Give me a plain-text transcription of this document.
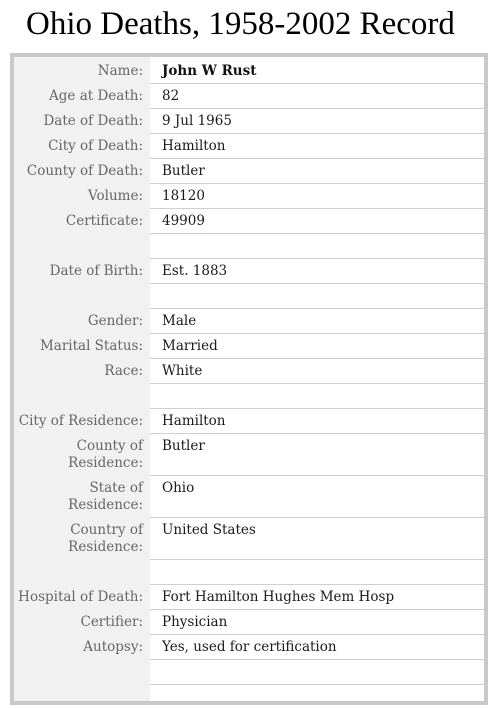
Ohio Deaths, 1958-2002 Record
Name: John W Rust
Age at Death: 82
Date of Death: 9 Jul 1965
City of Death: Hamilton
County of Death: Butler
Volume: 18120
Certificate: 49909
Date of Birth: Est. 1883
Gender: Male
Marital Status: Married
Race: White
City of Residence: Hamilton
County of Residence:
Butler
State of Residence:
Ohio
Country of Residence:
United States
Hospital of Death: Fort Hamilton Hughes Mem Hosp
Certifier: Physician
Autopsy: Yes, used for certification
